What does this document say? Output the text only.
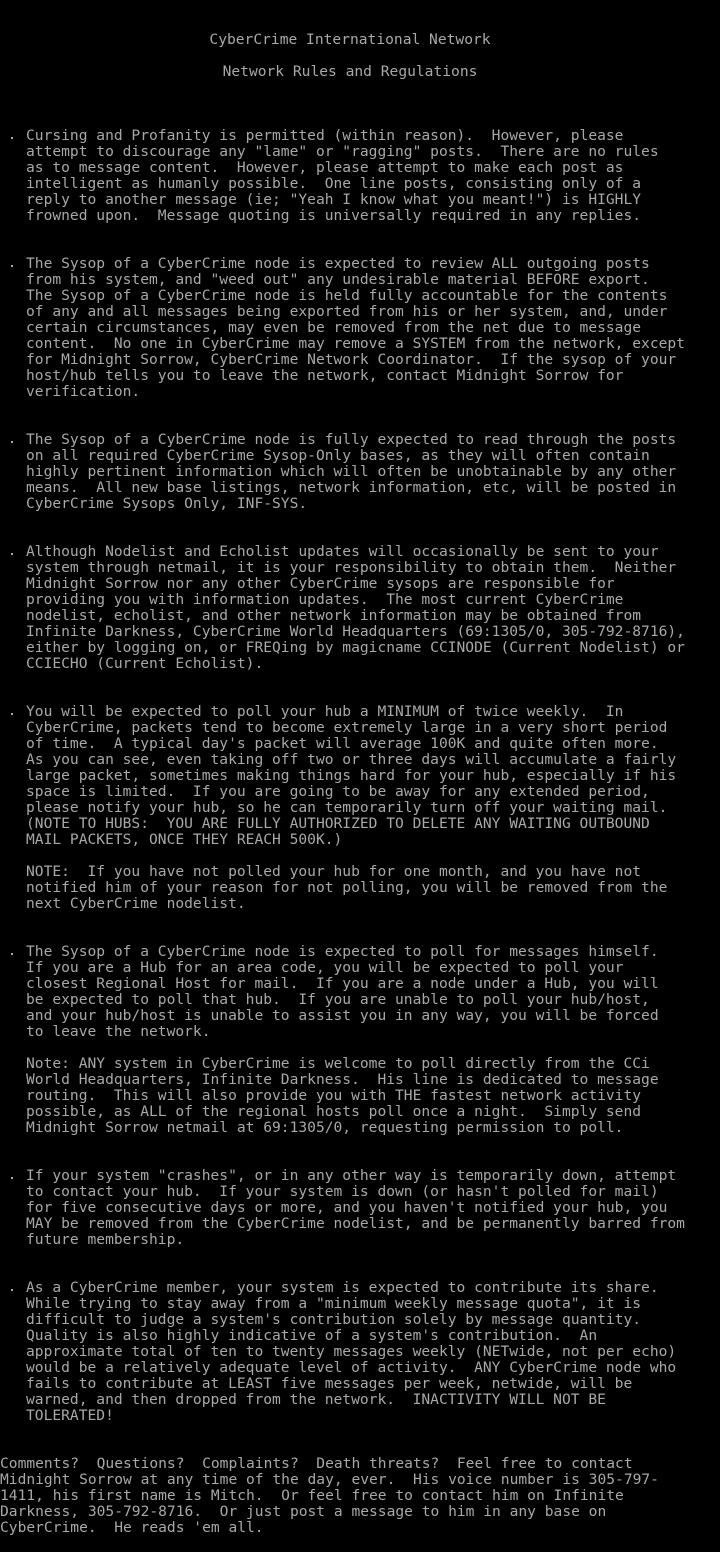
CyberCrime International Network
Network Rules and Regulations
Cursing and Profanity is permitted (within reason).  However, please
attempt to discourage any "lame" or "ragging" posts.  There are no rules
as to message content.  However, please attempt to make each post as
intelligent as humanly possible.  One line posts, consisting only of a
reply to another message (ie; "Yeah I know what you meant!") is HIGHLY
frowned upon.  Message quoting is universally required in any replies.
The Sysop of a CyberCrime node is expected to review ALL outgoing posts
from his system, and "weed out" any undesirable material BEFORE export.
The Sysop of a CyberCrime node is held fully accountable for the contents
of any and all messages being exported from his or her system, and, under
certain circumstances, may even be removed from the net due to message
content.  No one in CyberCrime may remove a SYSTEM from the network, except
for Midnight Sorrow, CyberCrime Network Coordinator.  If the sysop of your
host/hub tells you to leave the network, contact Midnight Sorrow for
verification.
The Sysop of a CyberCrime node is fully expected to read through the posts
on all required CyberCrime Sysop-Only bases, as they will often contain
highly pertinent information which will often be unobtainable by any other
means.  All new base listings, network information, etc, will be posted in
CyberCrime Sysops Only, INF-SYS.
Although Nodelist and Echolist updates will occasionally be sent to your
system through netmail, it is your responsibility to obtain them.  Neither
Midnight Sorrow nor any other CyberCrime sysops are responsible for
providing you with information updates.  The most current CyberCrime
nodelist, echolist, and other network information may be obtained from
Infinite Darkness, CyberCrime World Headquarters (69:1305/0, 305-792-8716),
either by logging on, or FREQing by magicname CCINODE (Current Nodelist) or
CCIECHO (Current Echolist).
You will be expected to poll your hub a MINIMUM of twice weekly.  In
CyberCrime, packets tend to become extremely large in a very short period
of time.  A typical day's packet will average 100K and quite often more.
As you can see, even taking off two or three days will accumulate a fairly
large packet, sometimes making things hard for your hub, especially if his
space is limited.  If you are going to be away for any extended period,
please notify your hub, so he can temporarily turn off your waiting mail.
(NOTE TO HUBS:  YOU ARE FULLY AUTHORIZED TO DELETE ANY WAITING OUTBOUND
MAIL PACKETS, ONCE THEY REACH 500K.)
NOTE:  If you have not polled your hub for one month, and you have not
notified him of your reason for not polling, you will be removed from the
next CyberCrime nodelist.
The Sysop of a CyberCrime node is expected to poll for messages himself.
If you are a Hub for an area code, you will be expected to poll your
closest Regional Host for mail.  If you are a node under a Hub, you will
be expected to poll that hub.  If you are unable to poll your hub/host,
and your hub/host is unable to assist you in any way, you will be forced
to leave the network.
Note: ANY system in CyberCrime is welcome to poll directly from the CCi
World Headquarters, Infinite Darkness.  His line is dedicated to message
routing.  This will also provide you with THE fastest network activity
possible, as ALL of the regional hosts poll once a night.  Simply send
Midnight Sorrow netmail at 69:1305/0, requesting permission to poll.
If your system "crashes", or in any other way is temporarily down, attempt
to contact your hub.  If your system is down (or hasn't polled for mail)
for five consecutive days or more, and you haven't notified your hub, you
MAY be removed from the CyberCrime nodelist, and be permanently barred from
future membership.
As a CyberCrime member, your system is expected to contribute its share.
While trying to stay away from a "minimum weekly message quota", it is
difficult to judge a system's contribution solely by message quantity.
Quality is also highly indicative of a system's contribution.  An
approximate total of ten to twenty messages weekly (NETwide, not per echo)
would be a relatively adequate level of activity.  ANY CyberCrime node who
fails to contribute at LEAST five messages per week, netwide, will be
warned, and then dropped from the network.  INACTIVITY WILL NOT BE
TOLERATED!
Comments?  Questions?  Complaints?  Death threats?  Feel free to contact
Midnight Sorrow at any time of the day, ever.  His voice number is 305-797-
1411, his first name is Mitch.  Or feel free to contact him on Infinite
Darkness, 305-792-8716.  Or just post a message to him in any base on
CyberCrime.  He reads 'em all.
